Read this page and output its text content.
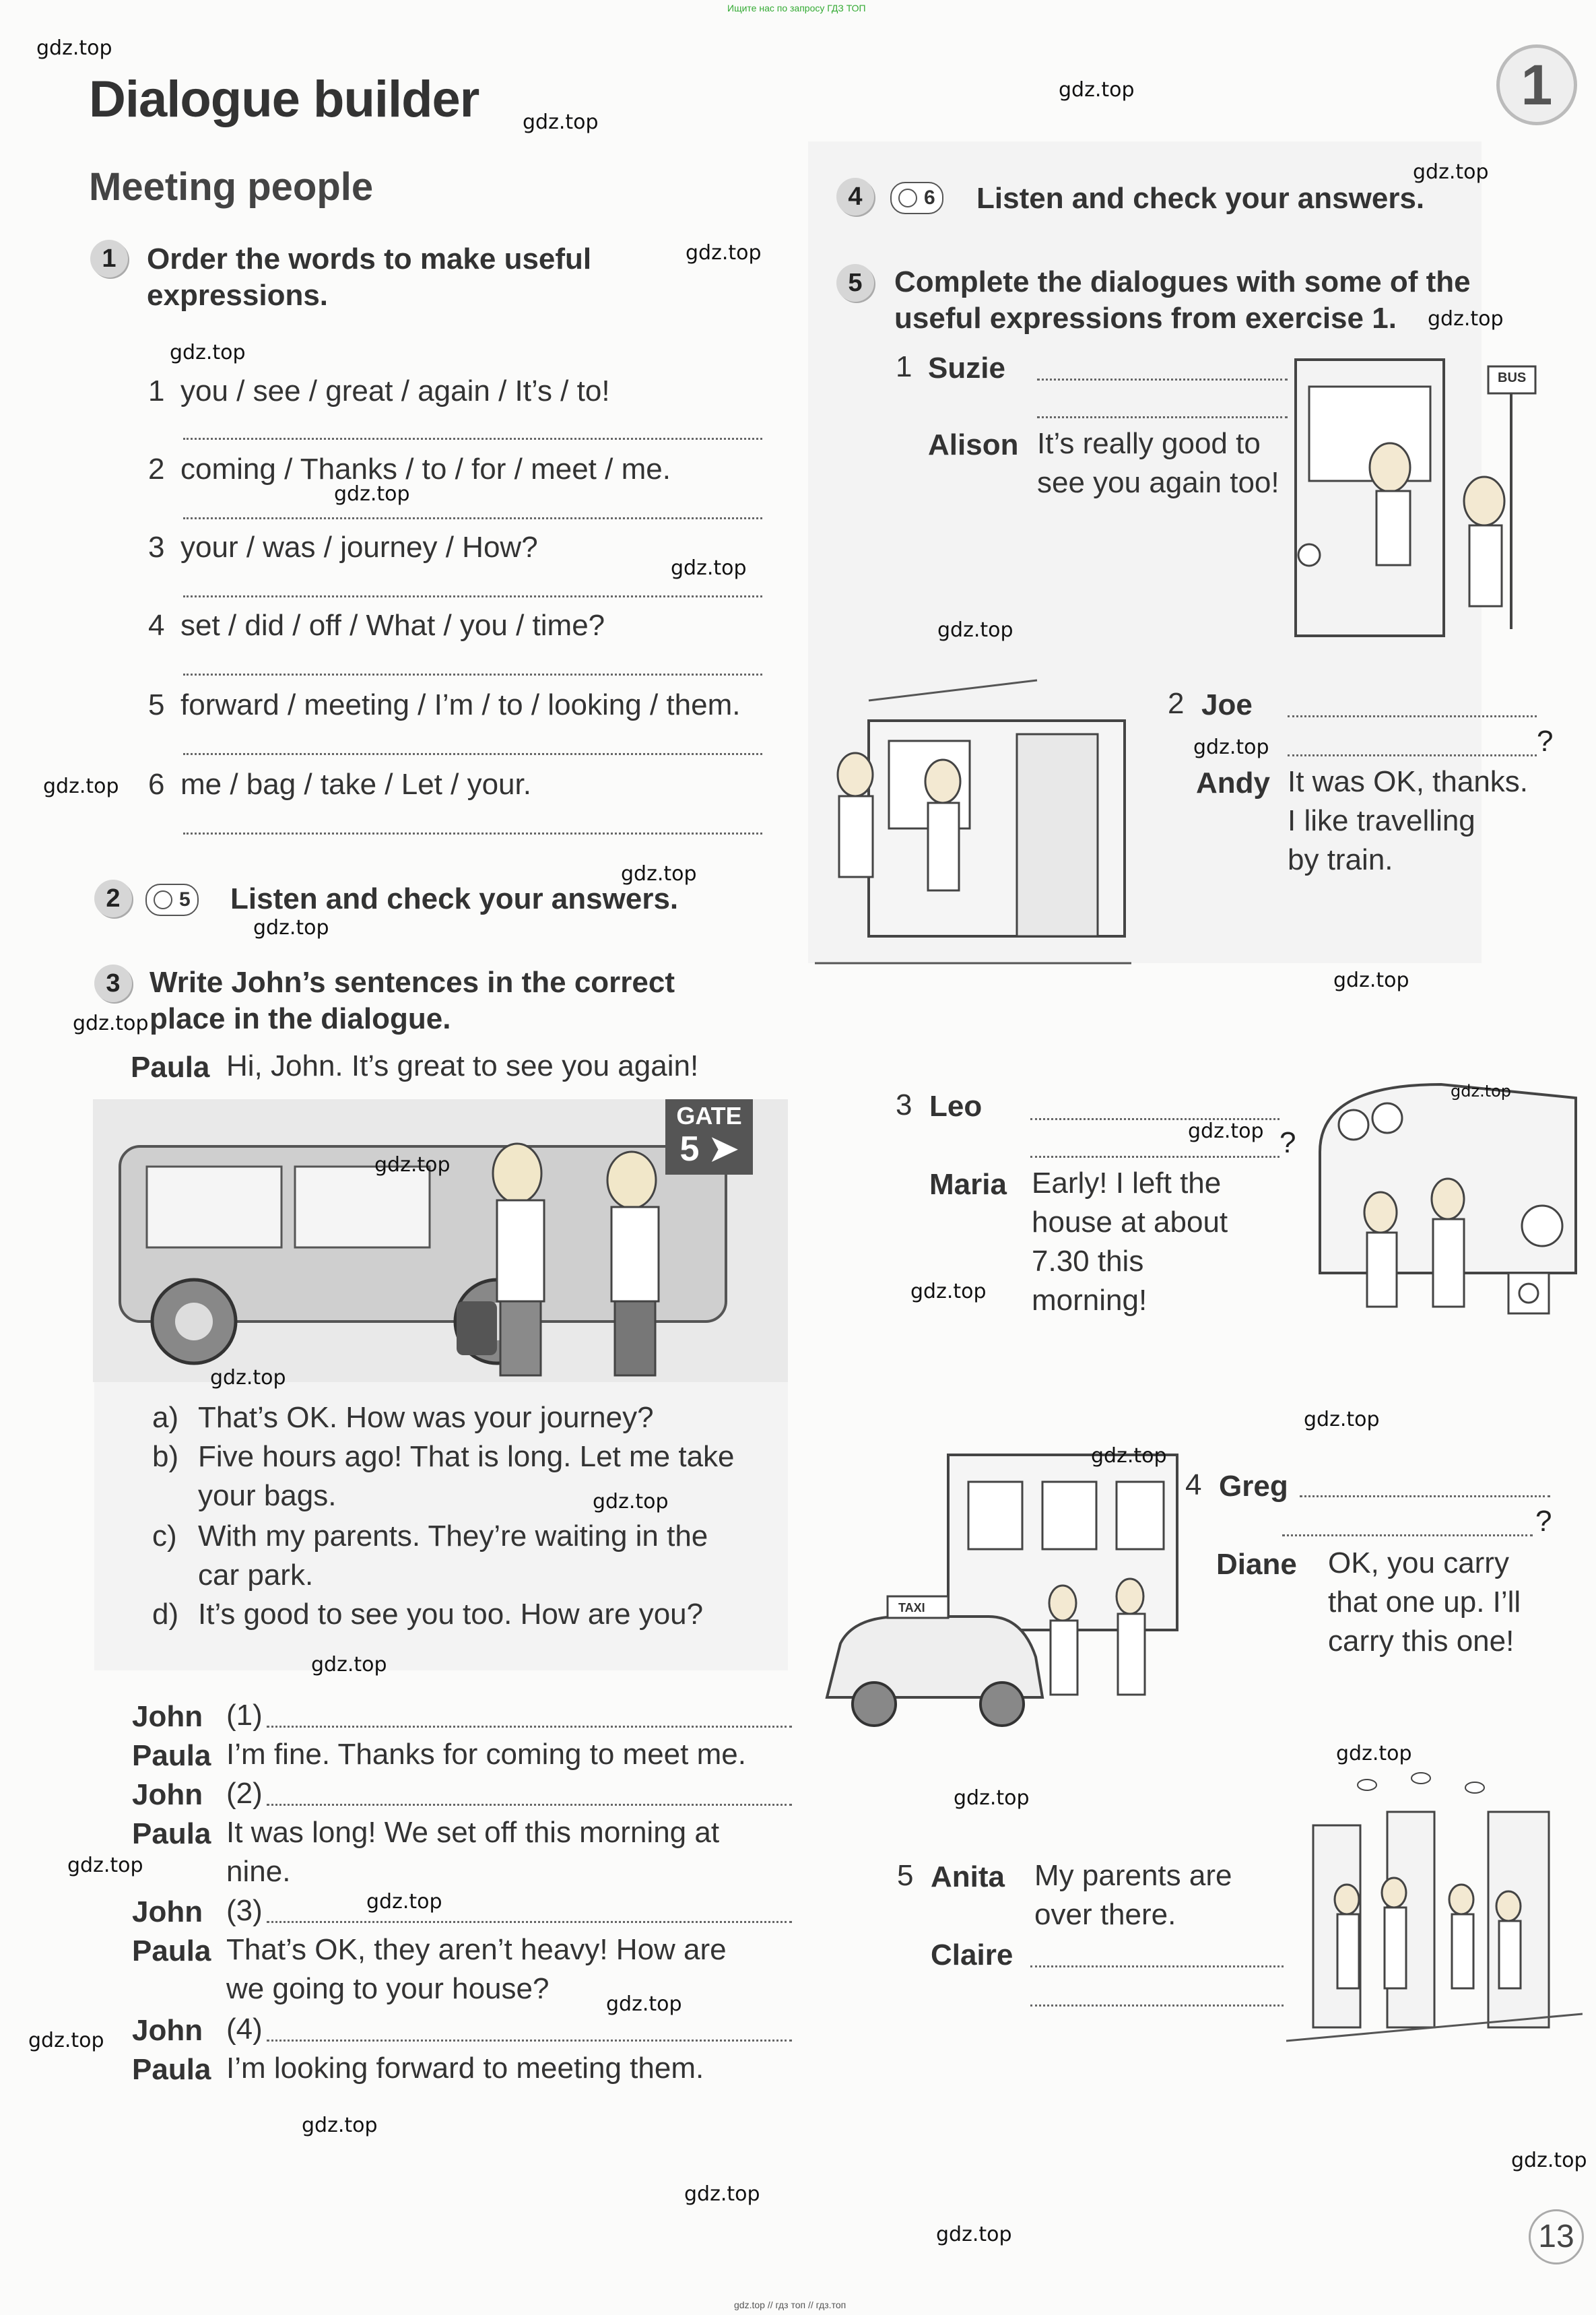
Ищите нас по запросу ГДЗ ТОП
gdz.top // гдз топ // гдз.топ
1
Dialogue builder
Meeting people
1	Order the words to make useful
expressions.
1 you / see / great / again / It’s / to!
2 coming / Thanks / to / for / meet / me.
3 your / was / journey / How?
4 set / did / off / What / you / time?
5 forward / meeting / I’m / to / looking / them.
6 me / bag / take / Let / your.
2	5 Listen and check your answers.
3 Write John’s sentences in the correct
place in the dialogue.
Paula Hi, John. It’s great to see you again!
GATE
5 ➤
a) That’s OK. How was your journey?
b) Five hours ago! That is long. Let me take
your bags.
c) With my parents. They’re waiting in the
car park.
d) It’s good to see you too. How are you?
John (1)
Paula I’m fine. Thanks for coming to meet me.
John (2)
Paula It was long! We set off this morning at
nine.
John (3)
Paula That’s OK, they aren’t heavy! How are
we going to your house?
John (4)
Paula I’m looking forward to meeting them.
4	6 Listen and check your answers.
5	Complete the dialogues with some of the
useful expressions from exercise 1.
1 Suzie
Alison It’s really good to
see you again too!
BUS
2 Joe
?
Andy It was OK, thanks.
I like travelling
by train.
3 Leo
?
Maria Early! I left the
house at about
7.30 this
morning!
TAXI
4 Greg
?
Diane OK, you carry
that one up. I’ll
carry this one!
5 Anita My parents are
over there.
Claire
13
gdz.top
gdz.top
gdz.top
gdz.top
gdz.top
gdz.top
gdz.top
gdz.top
gdz.top
gdz.top
gdz.top
gdz.top
gdz.top
gdz.top
gdz.top
gdz.top
gdz.top
gdz.top
gdz.top
gdz.top
gdz.top
gdz.top
gdz.top
gdz.top
gdz.top
gdz.top
gdz.top
gdz.top
gdz.top
gdz.top
gdz.top
gdz.top
gdz.top
gdz.top
gdz.top
